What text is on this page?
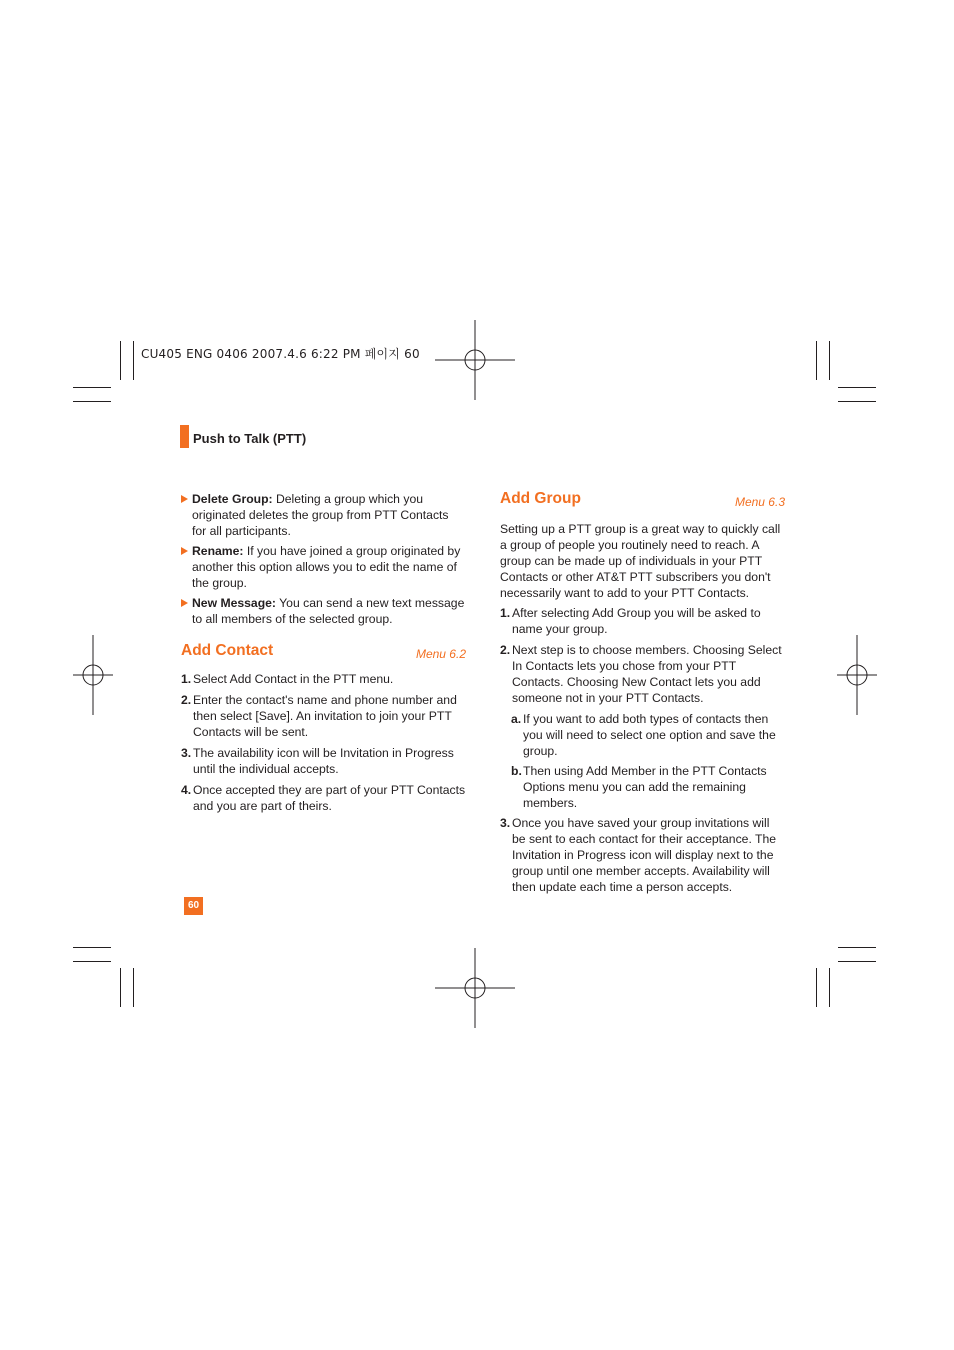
CU405 ENG 0406 2007.4.6 6:22 PM 페이지 60
Push to Talk (PTT)
Delete Group: Deleting a group which you originated deletes the group from PTT Contacts for all participants.
Rename: If you have joined a group originated by another this option allows you to edit the name of the group.
New Message: You can send a new text message to all members of the selected group.
Add Contact	Menu 6.2
1. Select Add Contact in the PTT menu.
2. Enter the contact's name and phone number and then select [Save]. An invitation to join your PTT Contacts will be sent.
3. The availability icon will be Invitation in Progress until the individual accepts.
4. Once accepted they are part of your PTT Contacts and you are part of theirs.
Add Group	Menu 6.3
Setting up a PTT group is a great way to quickly call a group of people you routinely need to reach. A group can be made up of individuals in your PTT Contacts or other AT&T PTT subscribers you don't necessarily want to add to your PTT Contacts.
1. After selecting Add Group you will be asked to name your group.
2. Next step is to choose members. Choosing Select In Contacts lets you chose from your PTT Contacts. Choosing New Contact lets you add someone not in your PTT Contacts.
a. If you want to add both types of contacts then you will need to select one option and save the group.
b. Then using Add Member in the PTT Contacts Options menu you can add the remaining members.
3. Once you have saved your group invitations will be sent to each contact for their acceptance. The Invitation in Progress icon will display next to the group until one member accepts. Availability will then update each time a person accepts.
60
